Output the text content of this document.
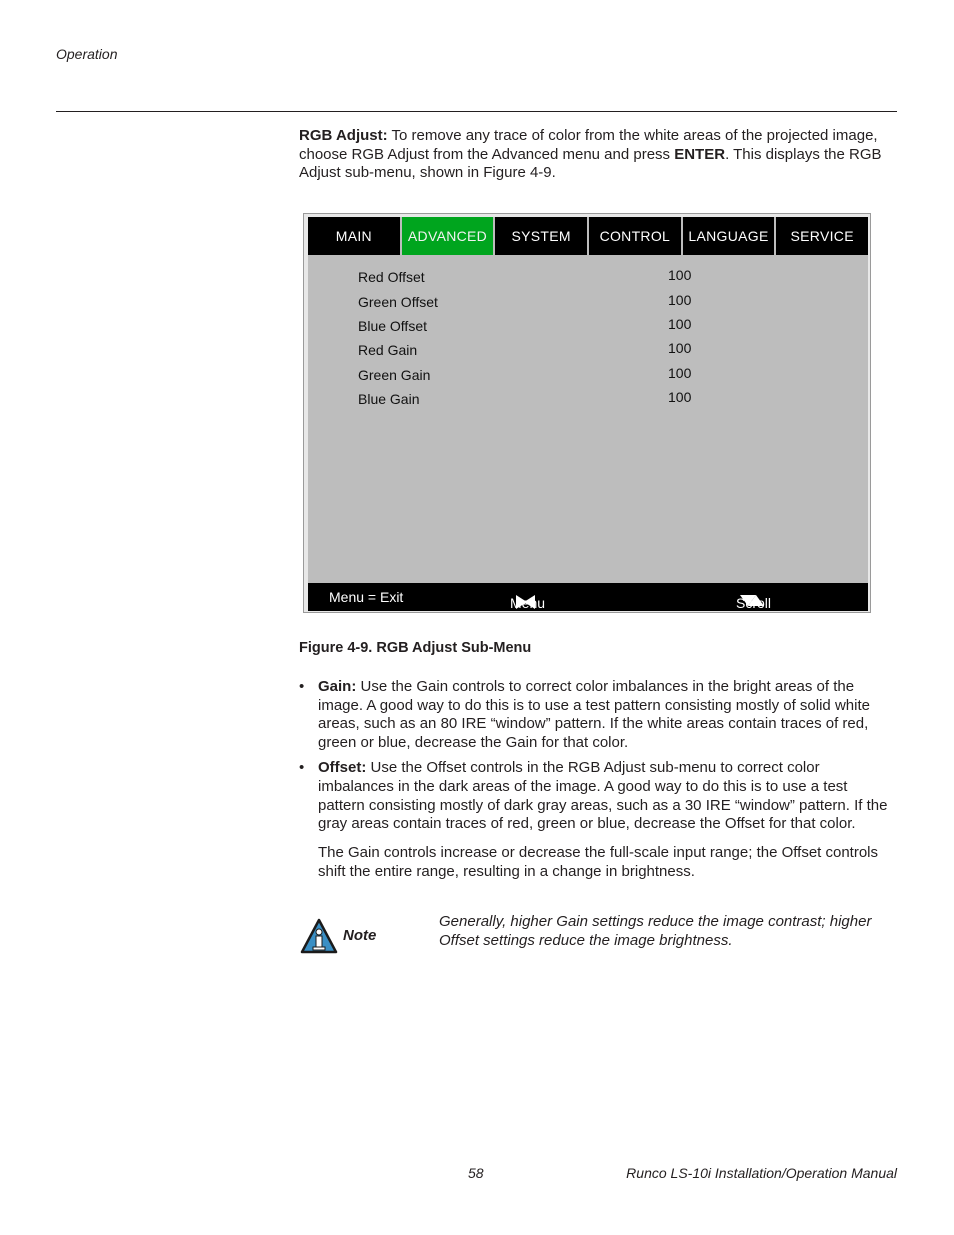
Operation
RGB Adjust: To remove any trace of color from the white areas of the projected image, choose RGB Adjust from the Advanced menu and press ENTER. This displays the RGB Adjust sub-menu, shown in Figure 4-9.
MAIN	ADVANCED	SYSTEM	CONTROL	LANGUAGE	SERVICE
Red Offset	100
Green Offset	100
Blue Offset	100
Red Gain	100
Green Gain	100
Blue Gain	100
Menu = Exit	Menu Select
Scroll
Figure 4-9. RGB Adjust Sub-Menu
• Gain: Use the Gain controls to correct color imbalances in the bright areas of the image. A good way to do this is to use a test pattern consisting mostly of solid white areas, such as an 80 IRE “window” pattern. If the white areas contain traces of red, green or blue, decrease the Gain for that color.
• Offset: Use the Offset controls in the RGB Adjust sub-menu to correct color imbalances in the dark areas of the image. A good way to do this is to use a test pattern consisting mostly of dark gray areas, such as a 30 IRE “window” pattern. If the gray areas contain traces of red, green or blue, decrease the Offset for that color.
The Gain controls increase or decrease the full-scale input range; the Offset controls shift the entire range, resulting in a change in brightness.
Note
Generally, higher Gain settings reduce the image contrast; higher Offset settings reduce the image brightness.
58	Runco LS-10i Installation/Operation Manual
